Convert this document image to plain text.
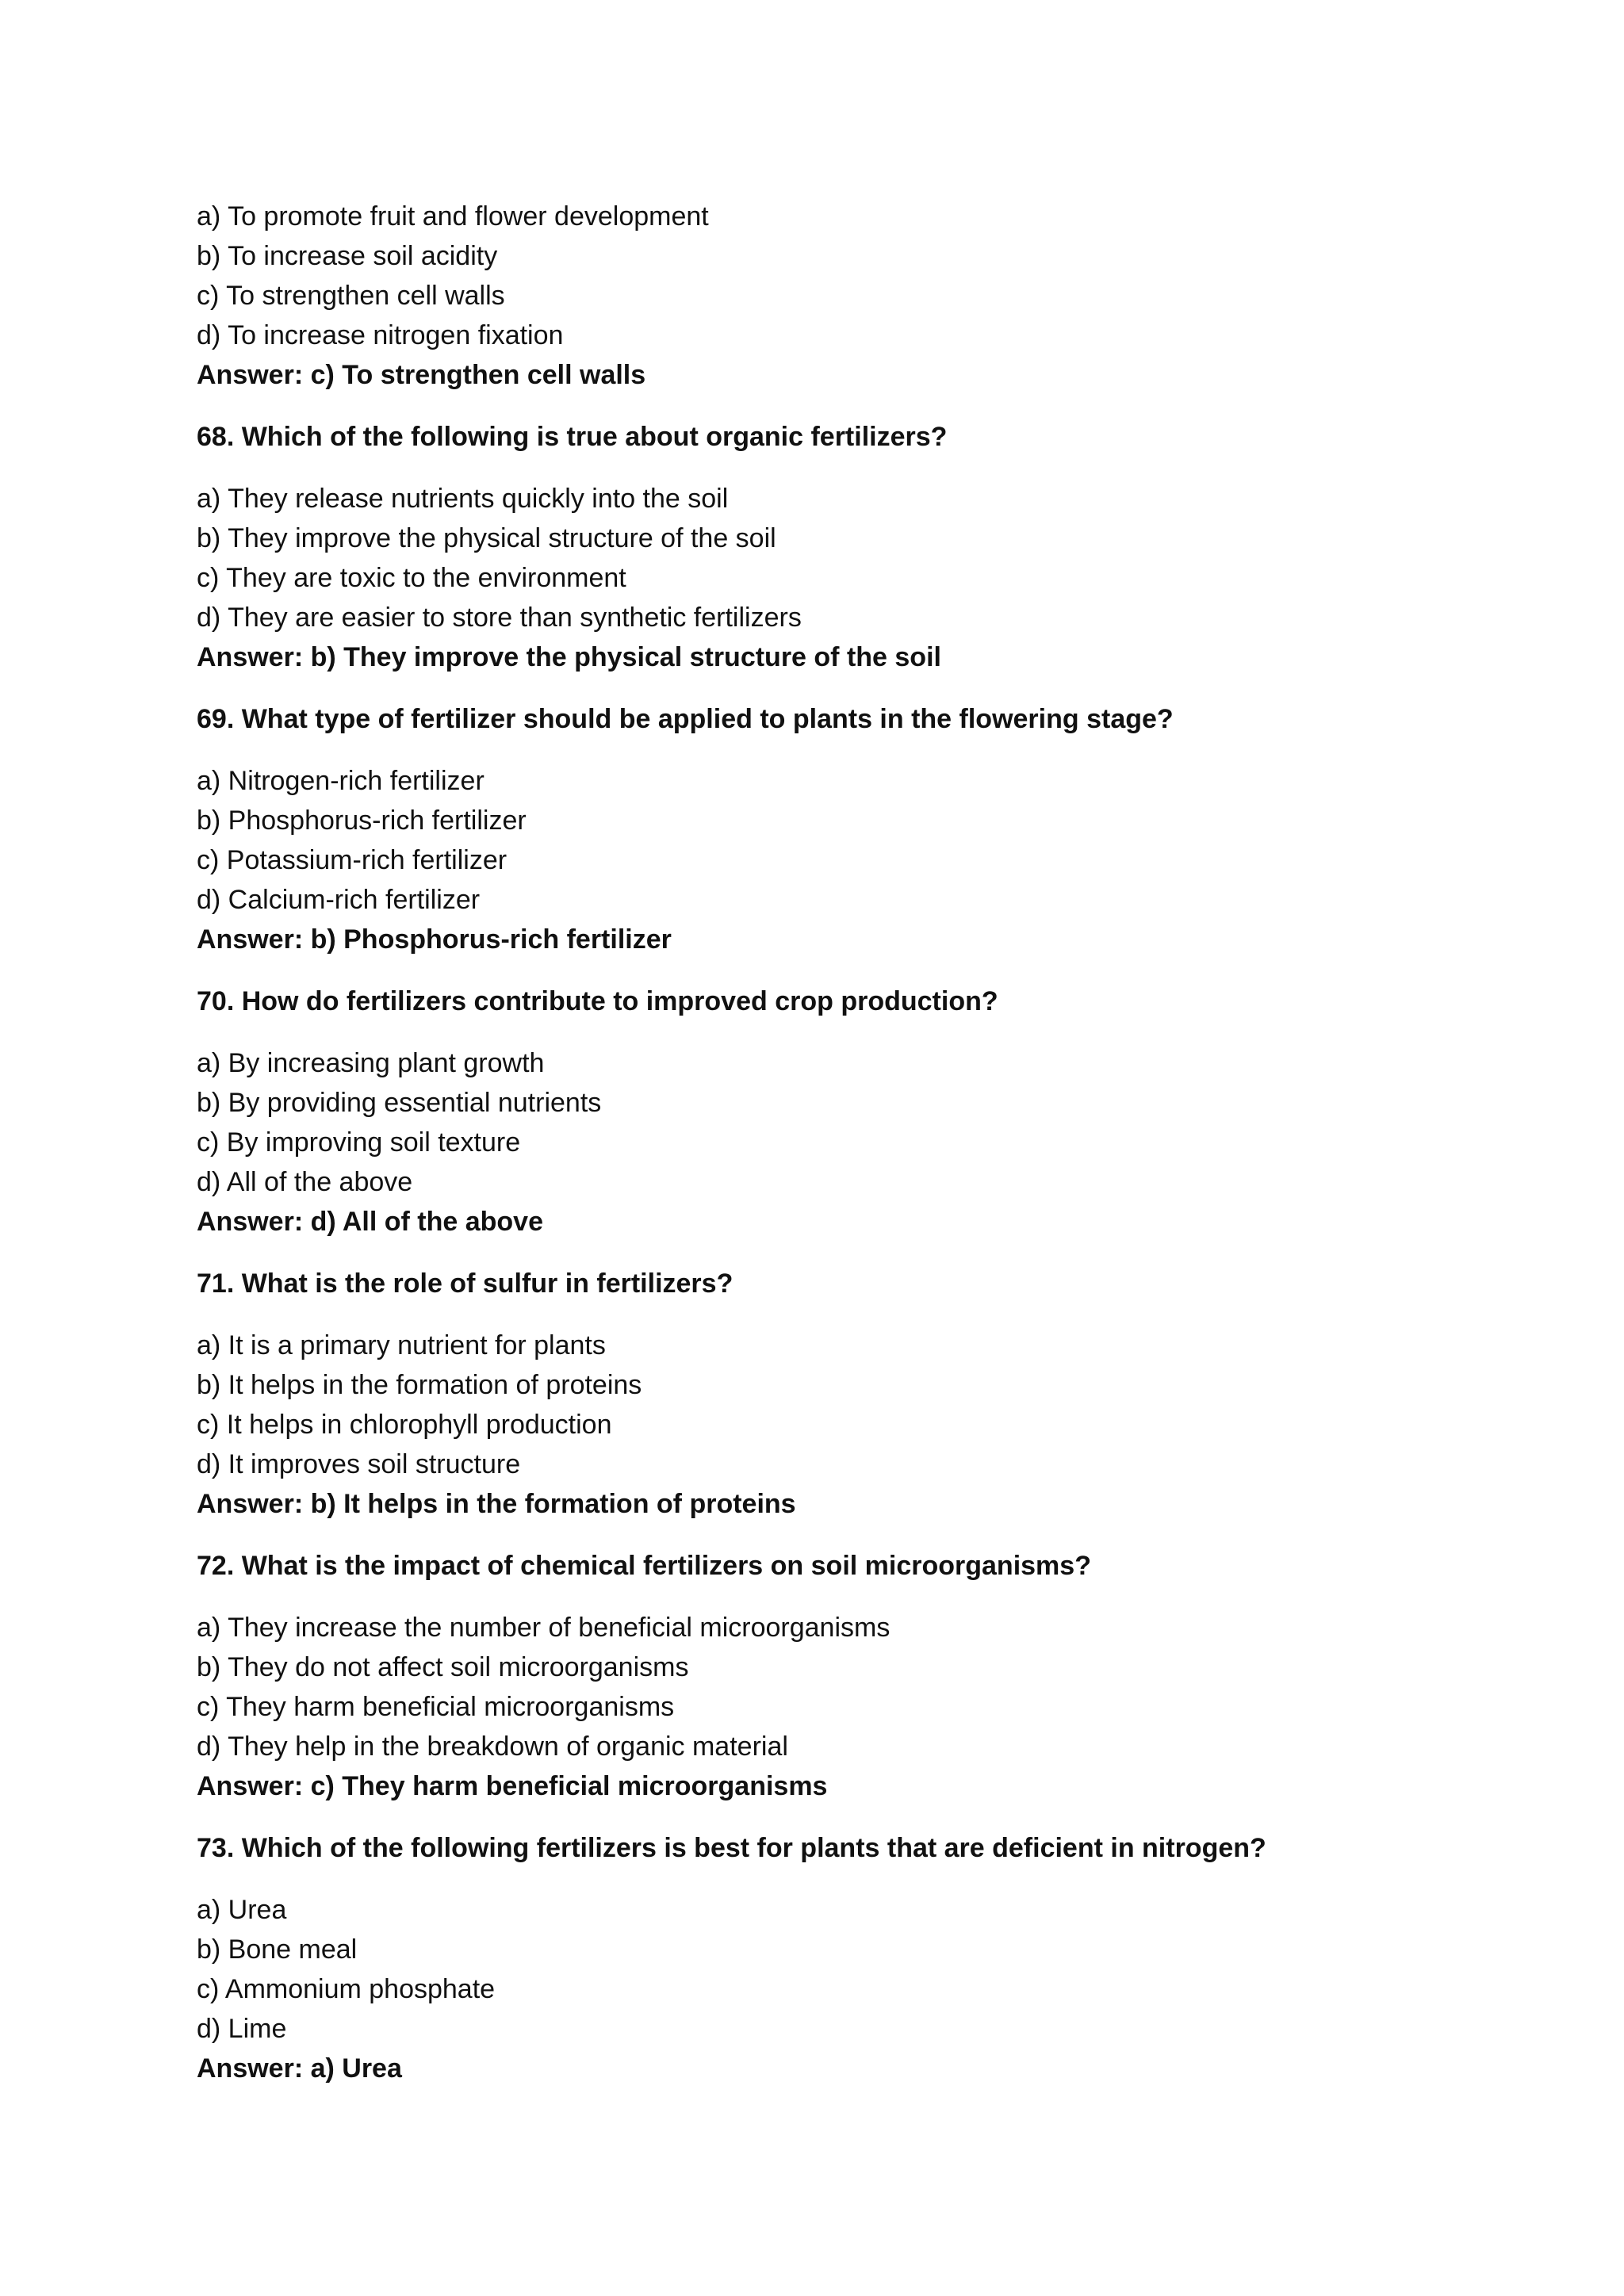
a) To promote fruit and flower development

b) To increase soil acidity

c) To strengthen cell walls

d) To increase nitrogen fixation

Answer: c) To strengthen cell walls

68. Which of the following is true about organic fertilizers?

a) They release nutrients quickly into the soil

b) They improve the physical structure of the soil

c) They are toxic to the environment

d) They are easier to store than synthetic fertilizers

Answer: b) They improve the physical structure of the soil

69. What type of fertilizer should be applied to plants in the flowering stage?

a) Nitrogen-rich fertilizer

b) Phosphorus-rich fertilizer

c) Potassium-rich fertilizer

d) Calcium-rich fertilizer

Answer: b) Phosphorus-rich fertilizer

70. How do fertilizers contribute to improved crop production?

a) By increasing plant growth

b) By providing essential nutrients

c) By improving soil texture

d) All of the above

Answer: d) All of the above

71. What is the role of sulfur in fertilizers?

a) It is a primary nutrient for plants

b) It helps in the formation of proteins

c) It helps in chlorophyll production

d) It improves soil structure

Answer: b) It helps in the formation of proteins

72. What is the impact of chemical fertilizers on soil microorganisms?

a) They increase the number of beneficial microorganisms

b) They do not affect soil microorganisms

c) They harm beneficial microorganisms

d) They help in the breakdown of organic material

Answer: c) They harm beneficial microorganisms

73. Which of the following fertilizers is best for plants that are deficient in nitrogen?

a) Urea

b) Bone meal

c) Ammonium phosphate

d) Lime

Answer: a) Urea
